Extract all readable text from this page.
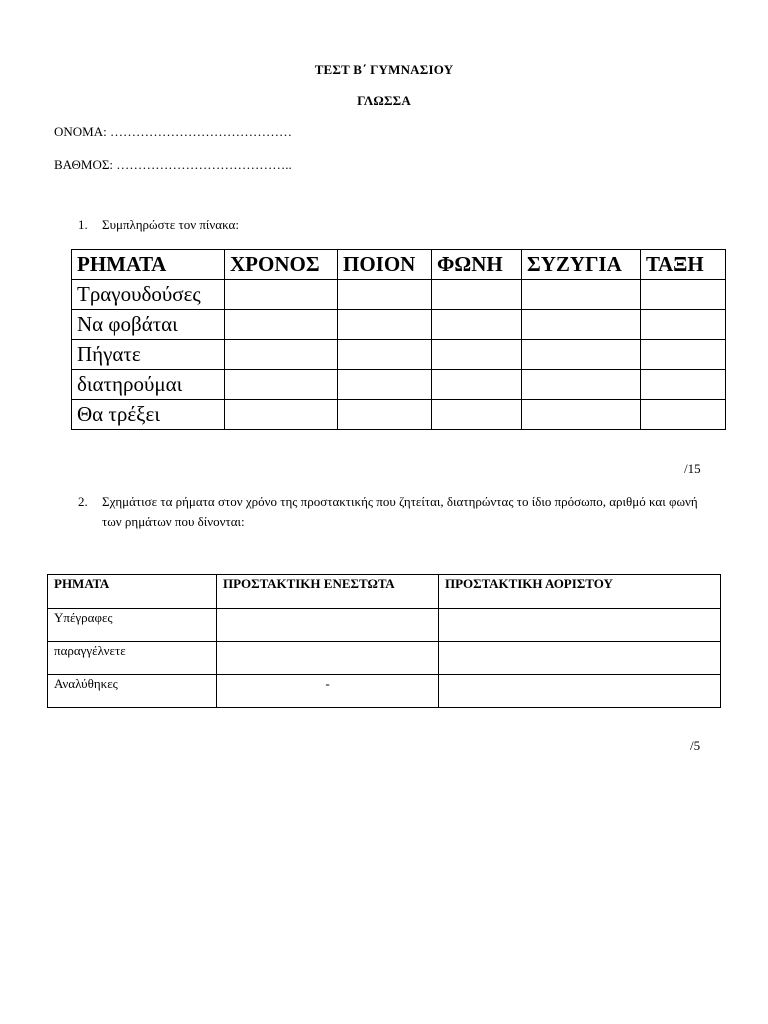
ΤΕΣΤ Β΄ ΓΥΜΝΑΣΙΟΥ
ΓΛΩΣΣΑ
ΟΝΟΜΑ: ……………………………………
ΒΑΘΜΟΣ: …………………………………..
1. Συμπληρώστε τον πίνακα:
ΡΗΜΑΤΑ	ΧΡΟΝΟΣ	ΠΟΙΟΝ	ΦΩΝΗ	ΣΥΖΥΓΙΑ	ΤΑΞΗ
Τραγουδούσες					
Να φοβάται					
Πήγατε					
διατηρούμαι					
Θα τρέξει					
/15
2. Σχημάτισε τα ρήματα στον χρόνο της προστακτικής που ζητείται, διατηρώντας το ίδιο πρόσωπο, αριθμό και φωνή των ρημάτων που δίνονται:
ΡΗΜΑΤΑ	ΠΡΟΣΤΑΚΤΙΚΗ ΕΝΕΣΤΩΤΑ	ΠΡΟΣΤΑΚΤΙΚΗ ΑΟΡΙΣΤΟΥ
Υπέγραφες		
παραγγέλνετε		
Αναλύθηκες	-	
/5
